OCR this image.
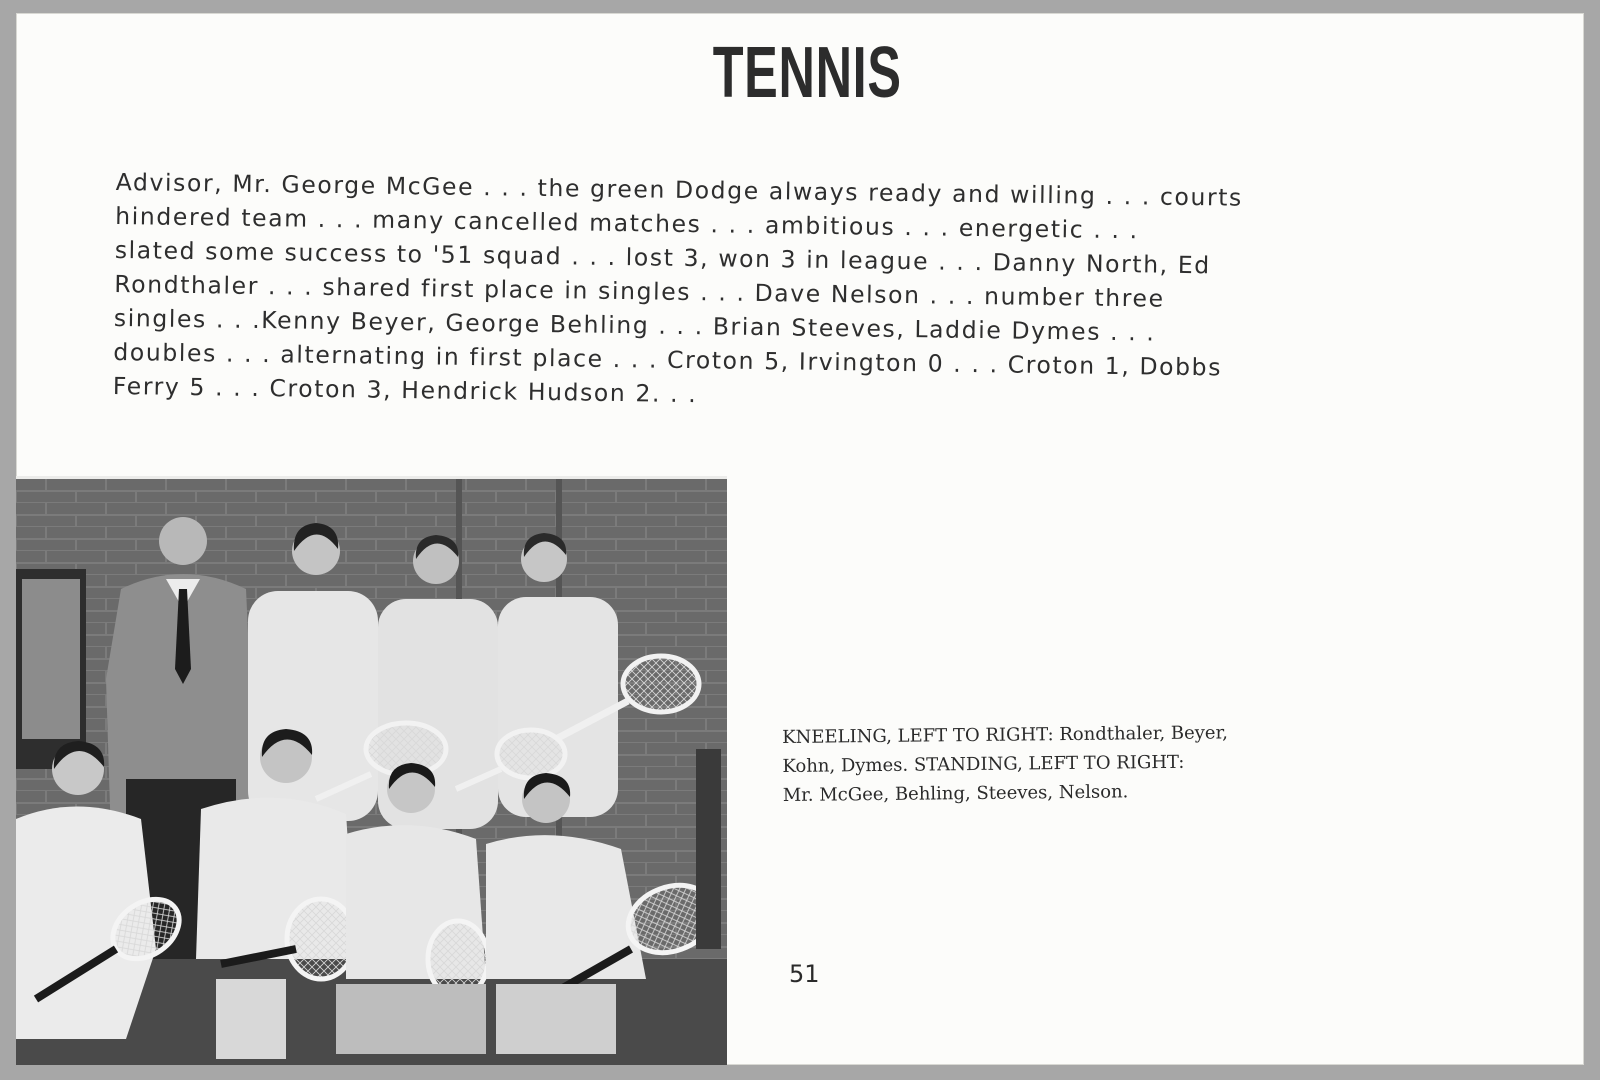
TENNIS
Advisor, Mr. George McGee . . . the green Dodge always ready and willing . . . courts
hindered team . . . many cancelled matches . . . ambitious . . . energetic . . .
slated some success to '51 squad . . . lost 3, won 3 in league . . . Danny North, Ed
Rondthaler . . . shared first place in singles . . . Dave Nelson . . . number three
singles . . .Kenny Beyer, George Behling . . . Brian Steeves, Laddie Dymes . . .
doubles . . . alternating in first place . . . Croton 5, Irvington 0 . . . Croton 1, Dobbs
Ferry 5 . . . Croton 3, Hendrick Hudson 2. . .
KNEELING, LEFT TO RIGHT: Rondthaler, Beyer,
Kohn, Dymes. STANDING, LEFT TO RIGHT:
Mr. McGee, Behling, Steeves, Nelson.
51
